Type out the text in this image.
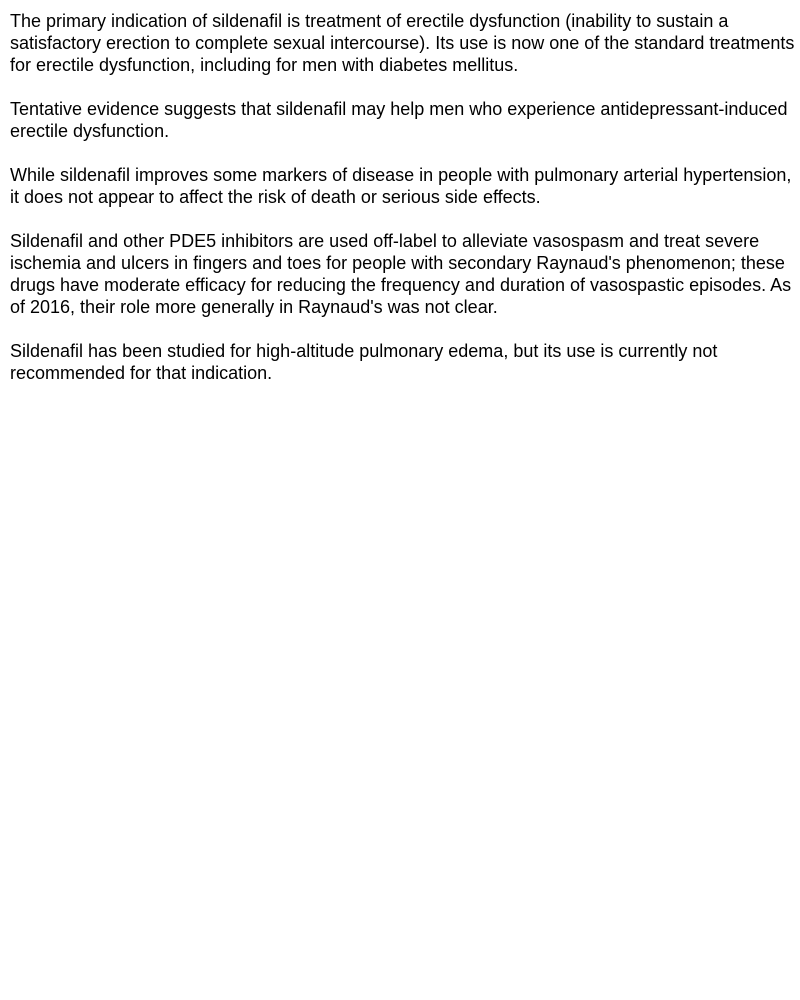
The primary indication of sildenafil is treatment of erectile dysfunction (inability to sustain a satisfactory erection to complete sexual intercourse). Its use is now one of the standard treatments for erectile dysfunction, including for men with diabetes mellitus.

Tentative evidence suggests that sildenafil may help men who experience antidepressant-induced erectile dysfunction.

While sildenafil improves some markers of disease in people with pulmonary arterial hypertension, it does not appear to affect the risk of death or serious side effects.

Sildenafil and other PDE5 inhibitors are used off-label to alleviate vasospasm and treat severe ischemia and ulcers in fingers and toes for people with secondary Raynaud's phenomenon; these drugs have moderate efficacy for reducing the frequency and duration of vasospastic episodes. As of 2016, their role more generally in Raynaud's was not clear.

Sildenafil has been studied for high-altitude pulmonary edema, but its use is currently not recommended for that indication.
